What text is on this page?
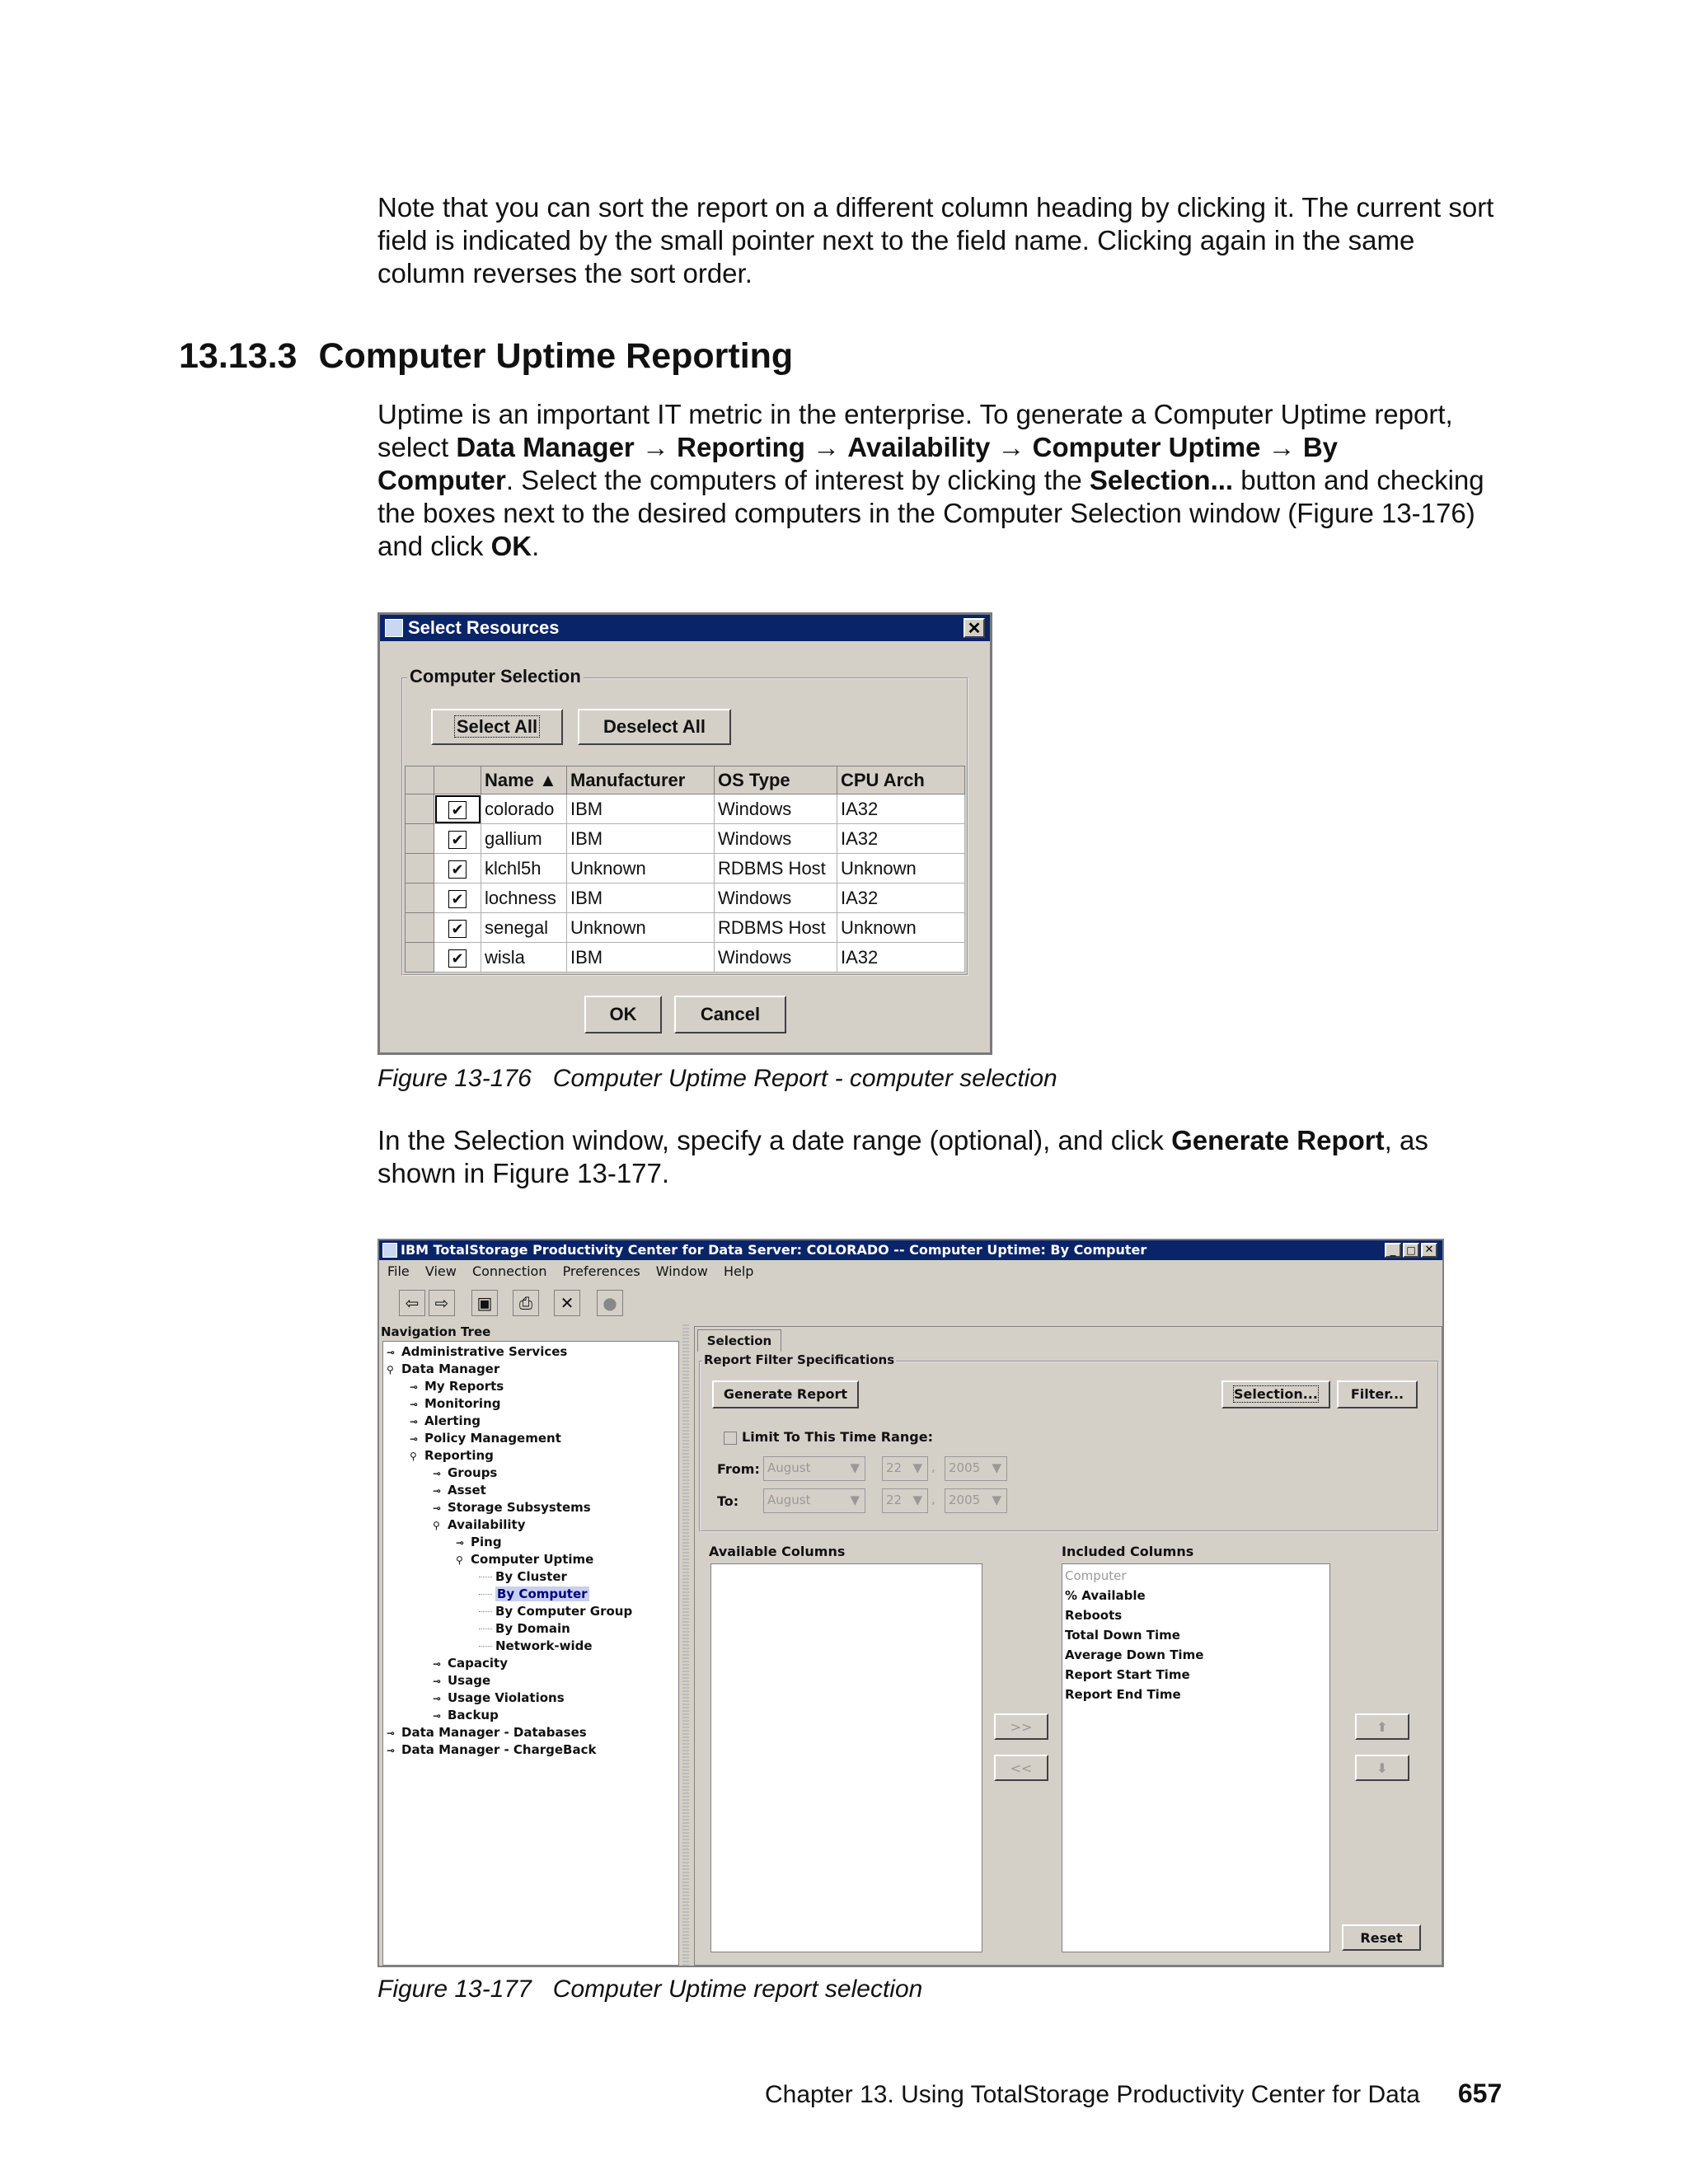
Note that you can sort the report on a different column heading by clicking it. The current sort
field is indicated by the small pointer next to the field name. Clicking again in the same
column reverses the sort order.
13.13.3 Computer Uptime Reporting
Uptime is an important IT metric in the enterprise. To generate a Computer Uptime report,
select Data Manager → Reporting → Availability → Computer Uptime → By
Computer. Select the computers of interest by clicking the Selection... button and checking
the boxes next to the desired computers in the Computer Selection window (Figure 13-176)
and click OK.
Select Resources	✕
Computer Selection
Select All	Deselect All
		Name ▲	Manufacturer	OS Type	CPU Arch
	✔	colorado	IBM	Windows	IA32
	✔	gallium	IBM	Windows	IA32
	✔	klchl5h	Unknown	RDBMS Host	Unknown
	✔	lochness	IBM	Windows	IA32
	✔	senegal	Unknown	RDBMS Host	Unknown
	✔	wisla	IBM	Windows	IA32
OK	Cancel
Figure 13-176 Computer Uptime Report - computer selection
In the Selection window, specify a date range (optional), and click Generate Report, as
shown in Figure 13-177.
IBM TotalStorage Productivity Center for Data Server: COLORADO -- Computer Uptime: By Computer	_	□ ✕
File View Connection Preferences Window Help
⇦ ⇨	▣	⎙	✕	●
Navigation Tree
⊸ Administrative Services
⚲ Data Manager
⊸ My Reports
⊸ Monitoring
⊸ Alerting
⊸ Policy Management
⚲ Reporting
⊸ Groups
⊸ Asset
⊸ Storage Subsystems
⚲ Availability
⊸ Ping
⚲ Computer Uptime
By Cluster
By Computer
By Computer Group
By Domain
Network-wide
⊸ Capacity
⊸ Usage
⊸ Usage Violations
⊸ Backup
⊸ Data Manager - Databases
⊸ Data Manager - ChargeBack
Selection
Report Filter Specifications
Generate Report	Selection...	Filter...
Limit To This Time Range:
From: August	▼	22 ▼ ,	2005 ▼
To:	August	▼	22 ▼ ,	2005 ▼
Available Columns
>>
<<
Included Columns
Computer
% Available
Reboots
Total Down Time
Average Down Time
Report Start Time
Report End Time
⬆
⬇
Reset
Figure 13-177 Computer Uptime report selection
Chapter 13. Using TotalStorage Productivity Center for Data 657
